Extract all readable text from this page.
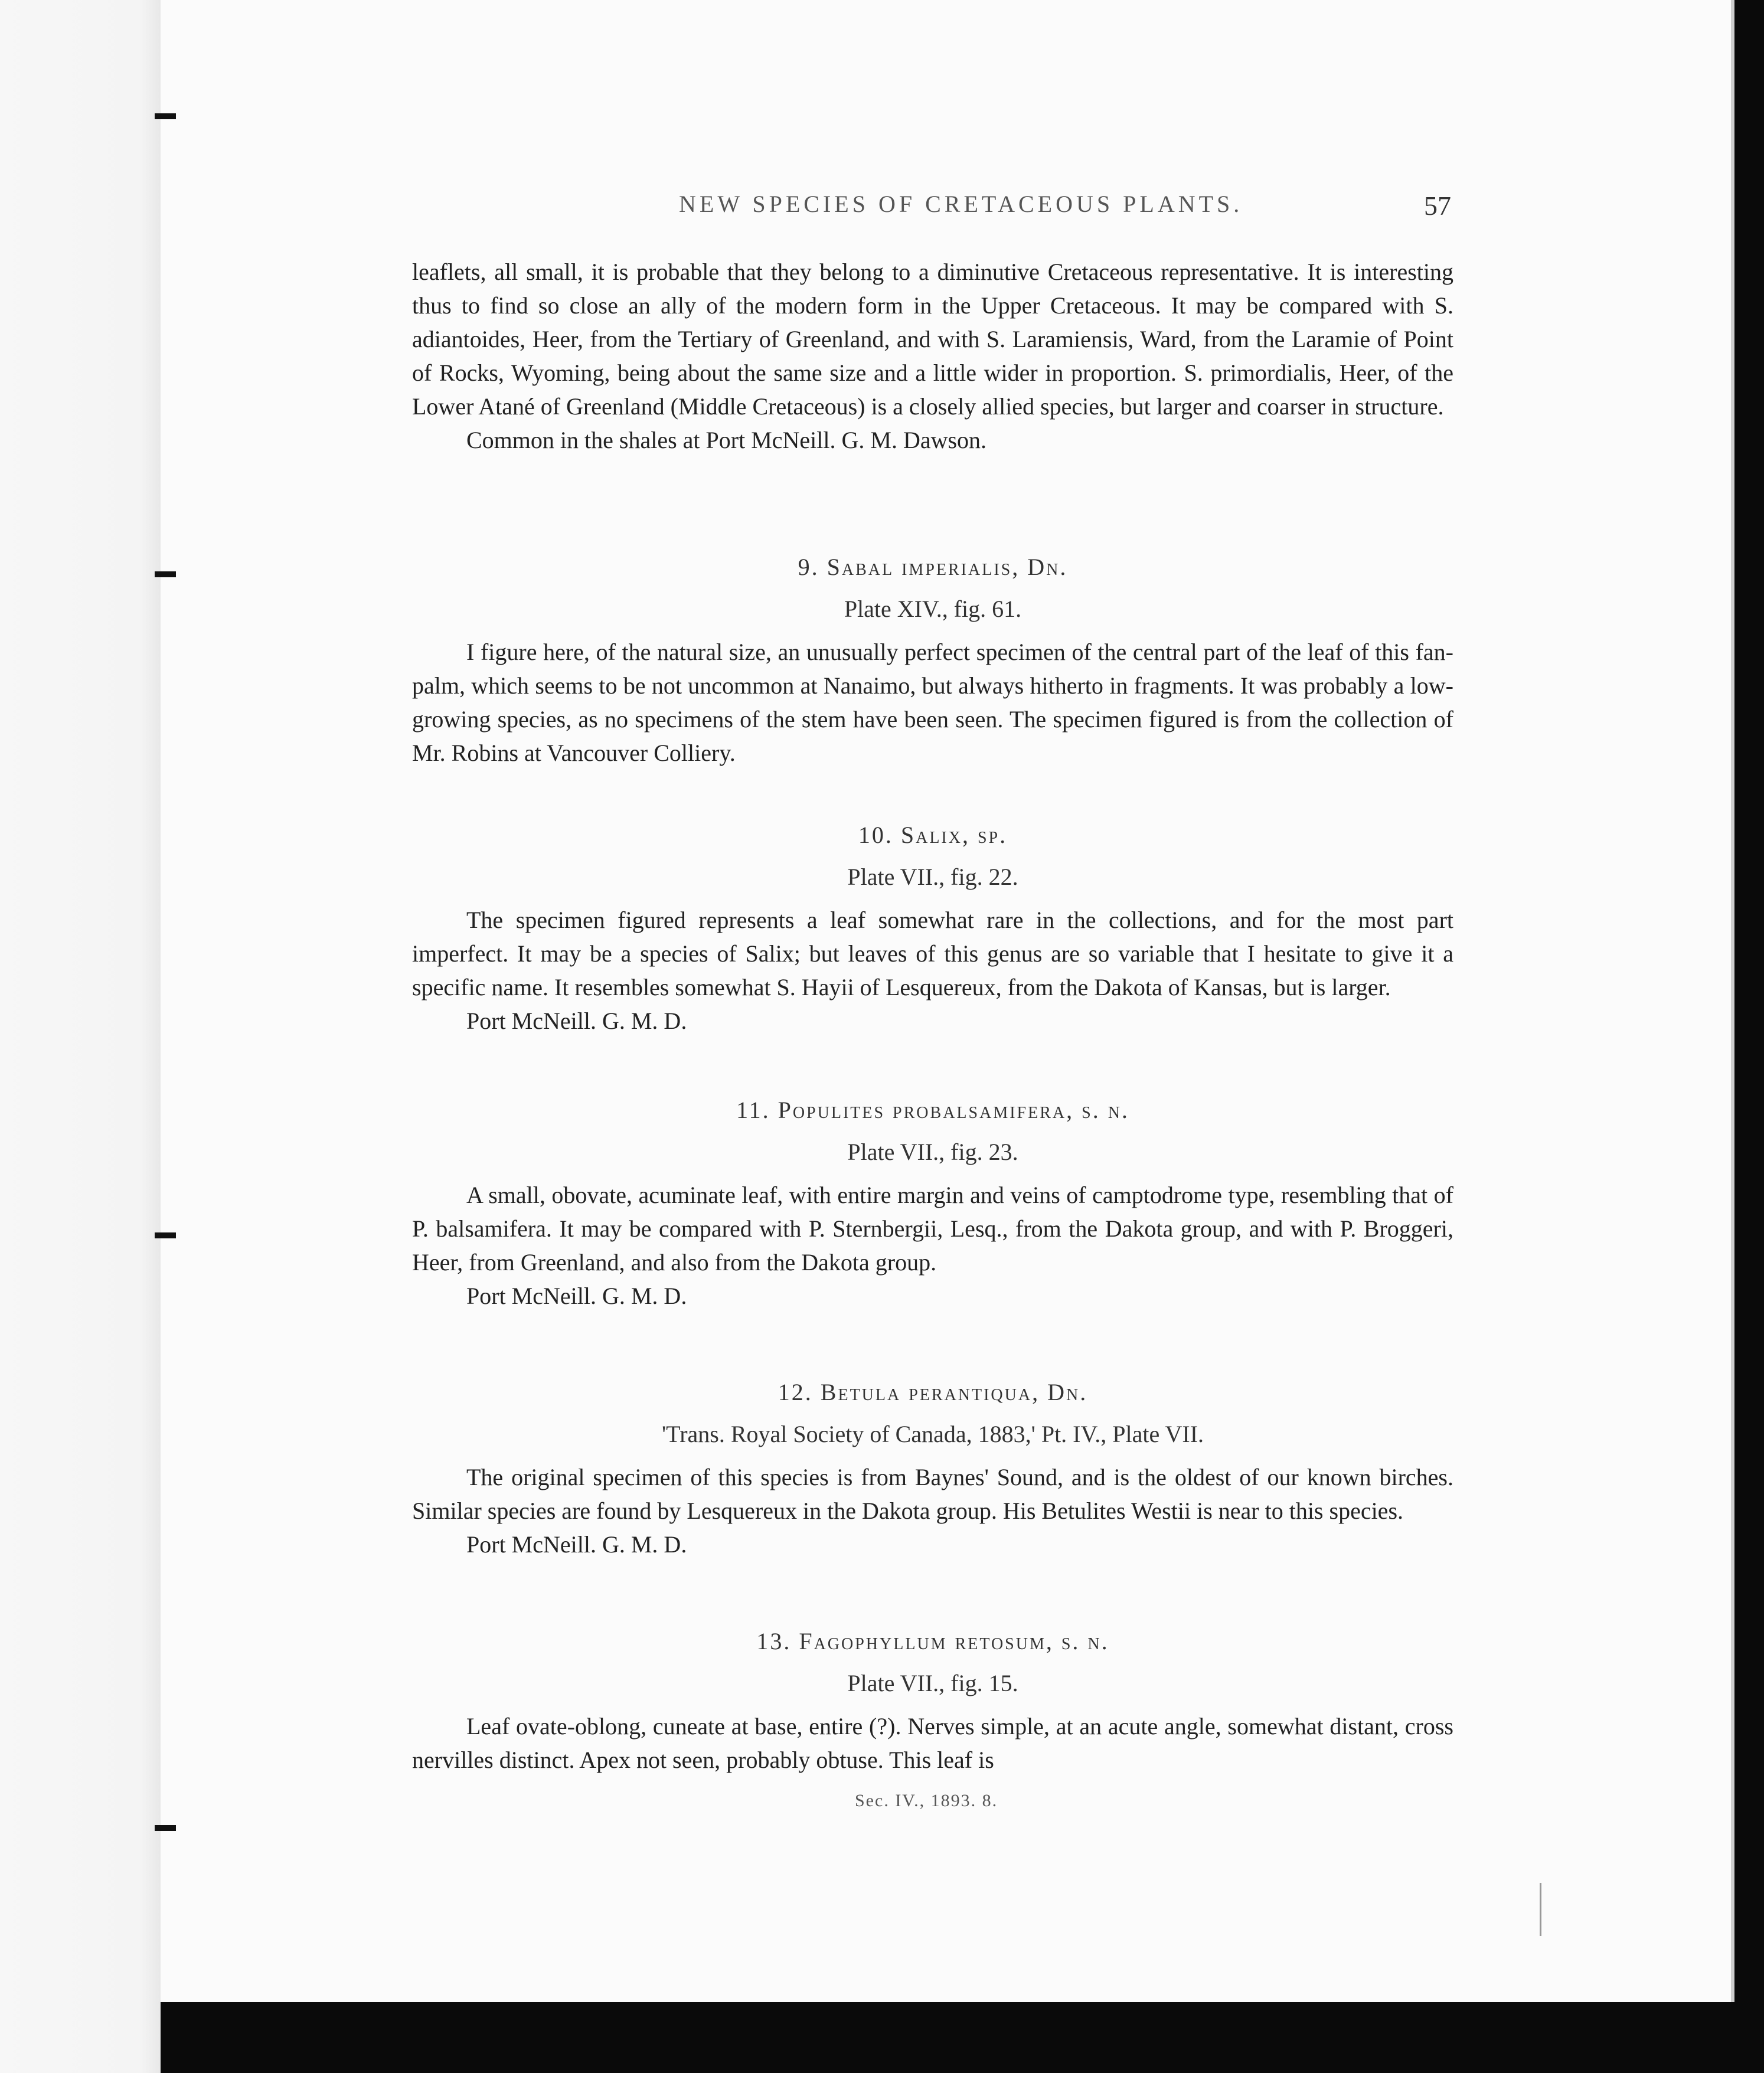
NEW SPECIES OF CRETACEOUS PLANTS.	57

leaflets, all small, it is probable that they belong to a diminutive Cretaceous representative. It is interesting thus to find so close an ally of the modern form in the Upper Cretaceous. It may be compared with S. adiantoides, Heer, from the Tertiary of Greenland, and with S. Laramiensis, Ward, from the Laramie of Point of Rocks, Wyoming, being about the same size and a little wider in proportion. S. primordialis, Heer, of the Lower Atané of Greenland (Middle Cretaceous) is a closely allied species, but larger and coarser in structure.

Common in the shales at Port McNeill. G. M. Dawson.

9. Sabal imperialis, Dn.

Plate XIV., fig. 61.

I figure here, of the natural size, an unusually perfect specimen of the central part of the leaf of this fan-palm, which seems to be not uncommon at Nanaimo, but always hitherto in fragments. It was probably a low-growing species, as no specimens of the stem have been seen. The specimen figured is from the collection of Mr. Robins at Vancouver Colliery.

10. Salix, sp.

Plate VII., fig. 22.

The specimen figured represents a leaf somewhat rare in the collections, and for the most part imperfect. It may be a species of Salix; but leaves of this genus are so variable that I hesitate to give it a specific name. It resembles somewhat S. Hayii of Lesquereux, from the Dakota of Kansas, but is larger.

Port McNeill. G. M. D.

11. Populites probalsamifera, s. n.

Plate VII., fig. 23.

A small, obovate, acuminate leaf, with entire margin and veins of camptodrome type, resembling that of P. balsamifera. It may be compared with P. Sternbergii, Lesq., from the Dakota group, and with P. Broggeri, Heer, from Greenland, and also from the Dakota group.

Port McNeill. G. M. D.

12. Betula perantiqua, Dn.

'Trans. Royal Society of Canada, 1883,' Pt. IV., Plate VII.

The original specimen of this species is from Baynes' Sound, and is the oldest of our known birches. Similar species are found by Lesquereux in the Dakota group. His Betulites Westii is near to this species.

Port McNeill. G. M. D.

13. Fagophyllum retosum, s. n.

Plate VII., fig. 15.

Leaf ovate-oblong, cuneate at base, entire (?). Nerves simple, at an acute angle, somewhat distant, cross nervilles distinct. Apex not seen, probably obtuse. This leaf is

Sec. IV., 1893. 8.
